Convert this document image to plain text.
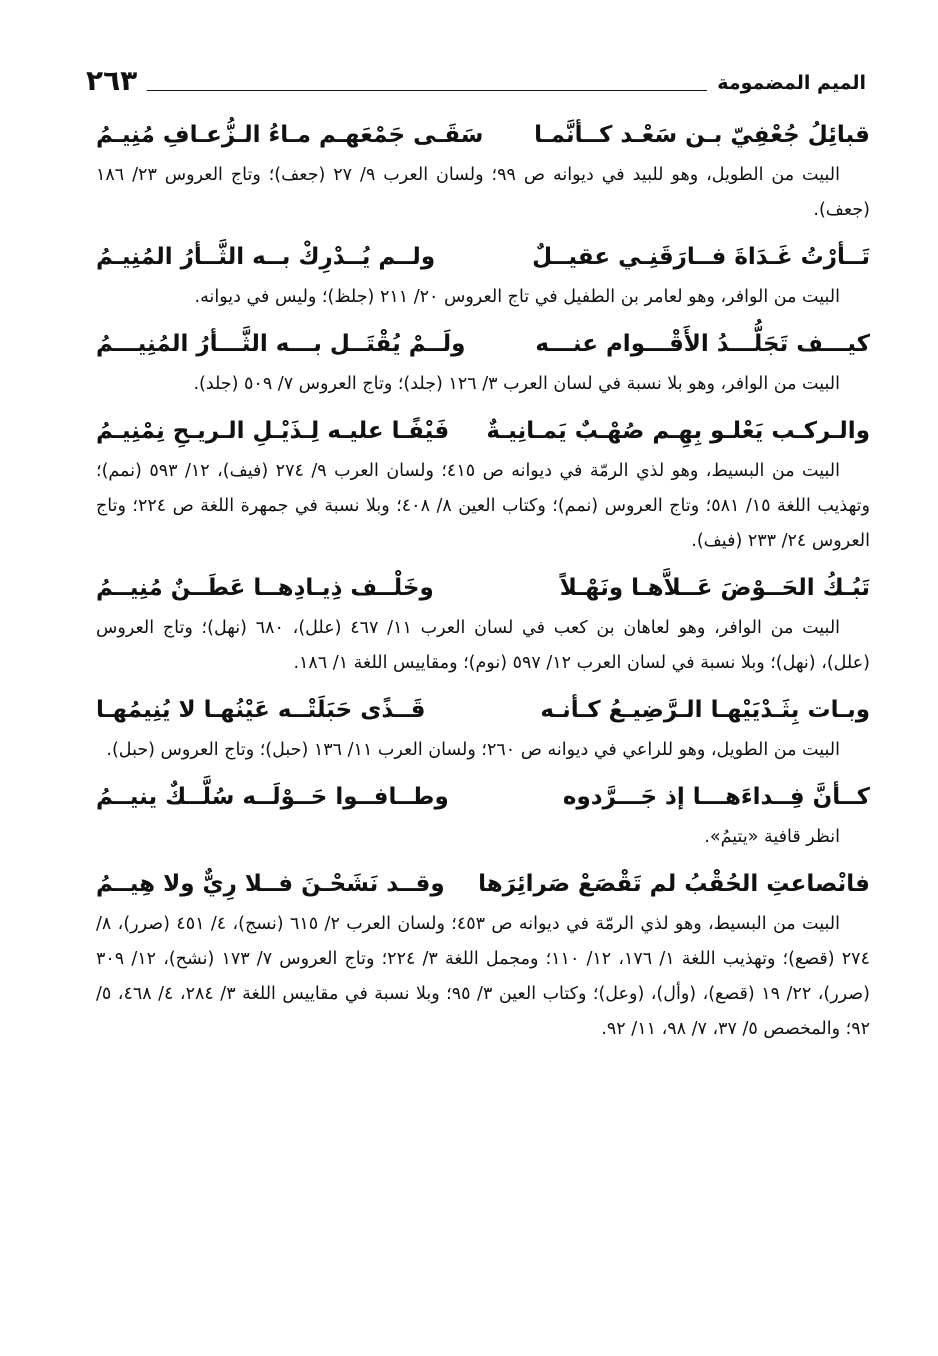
الميم المضمومة
٢٦٣
قبائِلُ جُعْفِيّ بـن سَعْـد كــأنَّمـا
سَقَـى جَمْعَهـم مـاءُ الـزُّعـافِ مُنِيـمُ

البيت من الطويل، وهو للبيد في ديوانه ص ٩٩؛ ولسان العرب ٩/ ٢٧ (جعف)؛ وتاج العروس ٢٣/ ١٨٦ (جعف).

تَــأرْتُ غَـدَاةَ فــارَقَنِـي عقيــلٌ
ولــم يُــدْرِكْ بــه الثَّــأرُ المُنِيـمُ

البيت من الوافر، وهو لعامر بن الطفيل في تاج العروس ٢٠/ ٢١١ (جلظ)؛ وليس في ديوانه.

كيـــف تَجَلُّـــدُ الأَقْـــوام عنـــه
ولَــمْ يُقْتَــل بـــه الثَّـــأرُ المُنِيـــمُ

البيت من الوافر، وهو بلا نسبة في لسان العرب ٣/ ١٢٦ (جلد)؛ وتاج العروس ٧/ ٥٠٩ (جلد).

والـركـب يَعْلـو بِهِـم صُهْـبٌ يَمـانِيـةٌ
فَيْفًـا عليـه لِـذَيْـلِ الـريـحِ نِمْنِيـمُ

البيت من البسيط، وهو لذي الرمّة في ديوانه ص ٤١٥؛ ولسان العرب ٩/ ٢٧٤ (فيف)، ١٢/ ٥٩٣ (نمم)؛ وتهذيب اللغة ١٥/ ٥٨١؛ وتاج العروس (نمم)؛ وكتاب العين ٨/ ٤٠٨؛ وبلا نسبة في جمهرة اللغة ص ٢٢٤؛ وتاج العروس ٢٤/ ٢٣٣ (فيف).

تَبُـكُ الحَــوْضَ عَــلاَّهـا ونَهْـلاً
وخَلْــف ذِيـادِهــا عَطَــنٌ مُنِيــمُ

البيت من الوافر، وهو لعاهان بن كعب في لسان العرب ١١/ ٤٦٧ (علل)، ٦٨٠ (نهل)؛ وتاج العروس (علل)، (نهل)؛ وبلا نسبة في لسان العرب ١٢/ ٥٩٧ (نوم)؛ ومقاييس اللغة ١/ ١٨٦.

وبـات بِثَـدْيَيْهـا الـرَّضِيـعُ كـأنـه
قَــذًى حَبَلَتْــه عَيْنُهـا لا يُنِيمُهـا

البيت من الطويل، وهو للراعي في ديوانه ص ٢٦٠؛ ولسان العرب ١١/ ١٣٦ (حبل)؛ وتاج العروس (حبل).

كــأنَّ فِــداءَهـــا إذ جَـــرَّدوه
وطــافــوا حَــوْلَــه سُلَّــكٌ ينيــمُ

انظر قافية «يتيمُ».

فانْصاعتِ الحُقْبُ لم تَقْصَعْ صَرائِرَها
وقــد نَشَحْـنَ فــلا رِيٌّ ولا هِيــمُ

البيت من البسيط، وهو لذي الرمّة في ديوانه ص ٤٥٣؛ ولسان العرب ٢/ ٦١٥ (نسج)، ٤/ ٤٥١ (صرر)، ٨/ ٢٧٤ (قصع)؛ وتهذيب اللغة ١/ ١٧٦، ١٢/ ١١٠؛ ومجمل اللغة ٣/ ٢٢٤؛ وتاج العروس ٧/ ١٧٣ (نشح)، ١٢/ ٣٠٩ (صرر)، ٢٢/ ١٩ (قصع)، (وأل)، (وعل)؛ وكتاب العين ٣/ ٩٥؛ وبلا نسبة في مقاييس اللغة ٣/ ٢٨٤، ٤/ ٤٦٨، ٥/ ٩٢؛ والمخصص ٥/ ٣٧، ٧/ ٩٨، ١١/ ٩٢.
